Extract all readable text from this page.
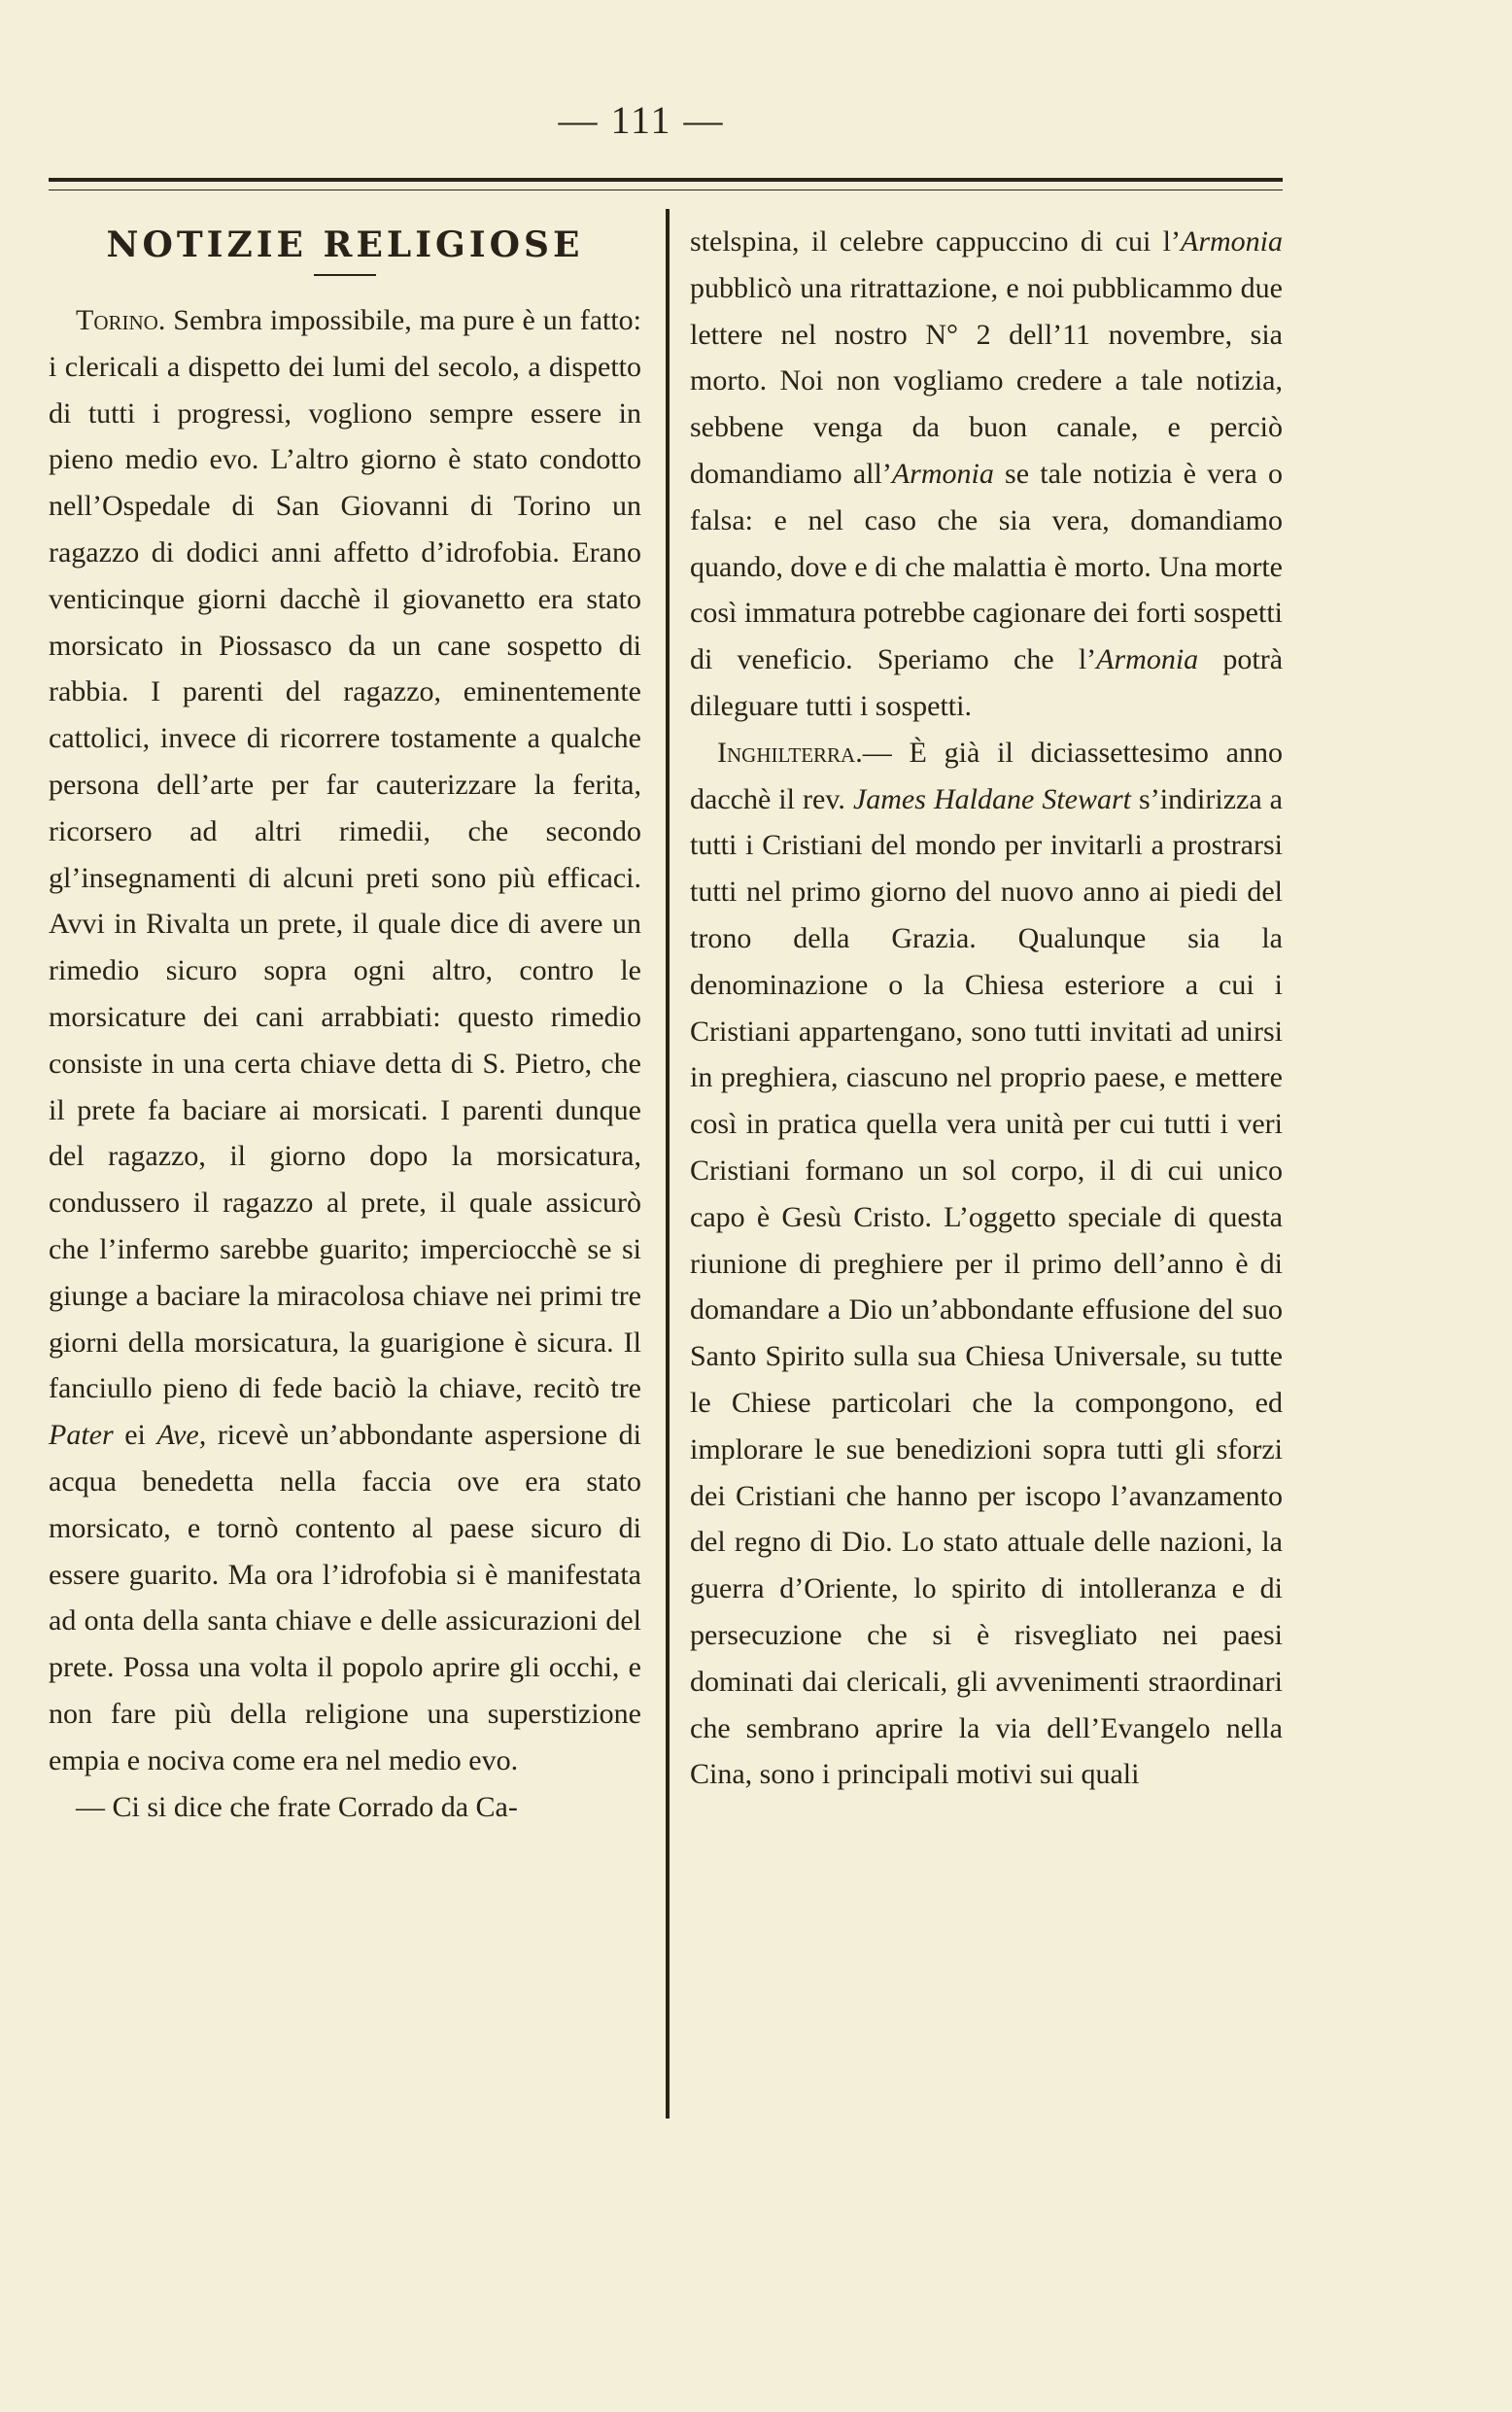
— 111 —
NOTIZIE RELIGIOSE

Torino. Sembra impossibile, ma pure è un fatto: i clericali a dispetto dei lumi del secolo, a dispetto di tutti i progressi, vogliono sempre essere in pieno medio evo. L’altro giorno è stato condotto nell’Ospedale di San Giovanni di Torino un ragazzo di dodici anni affetto d’idrofobia. Erano venticinque giorni dacchè il giovanetto era stato morsicato in Piossasco da un cane sospetto di rabbia. I parenti del ragazzo, eminentemente cattolici, invece di ricorrere tostamente a qualche persona dell’arte per far cauterizzare la ferita, ricorsero ad altri rimedii, che secondo gl’insegnamenti di alcuni preti sono più efficaci. Avvi in Rivalta un prete, il quale dice di avere un rimedio sicuro sopra ogni altro, contro le morsicature dei cani arrabbiati: questo rimedio consiste in una certa chiave detta di S. Pietro, che il prete fa baciare ai morsicati. I parenti dunque del ragazzo, il giorno dopo la morsicatura, condussero il ragazzo al prete, il quale assicurò che l’infermo sarebbe guarito; imperciocchè se si giunge a baciare la miracolosa chiave nei primi tre giorni della morsicatura, la guarigione è sicura. Il fanciullo pieno di fede baciò la chiave, recitò tre Pater ei Ave, ricevè un’abbondante aspersione di acqua benedetta nella faccia ove era stato morsicato, e tornò contento al paese sicuro di essere guarito. Ma ora l’idrofobia si è manifestata ad onta della santa chiave e delle assicurazioni del prete. Possa una volta il popolo aprire gli occhi, e non fare più della religione una superstizione empia e nociva come era nel medio evo.

— Ci si dice che frate Corrado da Ca-

stelspina, il celebre cappuccino di cui l’Armonia pubblicò una ritrattazione, e noi pubblicammo due lettere nel nostro N° 2 dell’11 novembre, sia morto. Noi non vogliamo credere a tale notizia, sebbene venga da buon canale, e perciò domandiamo all’Armonia se tale notizia è vera o falsa: e nel caso che sia vera, domandiamo quando, dove e di che malattia è morto. Una morte così immatura potrebbe cagionare dei forti sospetti di veneficio. Speriamo che l’Armonia potrà dileguare tutti i sospetti.

Inghilterra.— È già il diciassettesimo anno dacchè il rev. James Haldane Stewart s’indirizza a tutti i Cristiani del mondo per invitarli a prostrarsi tutti nel primo giorno del nuovo anno ai piedi del trono della Grazia. Qualunque sia la denominazione o la Chiesa esteriore a cui i Cristiani appartengano, sono tutti invitati ad unirsi in preghiera, ciascuno nel proprio paese, e mettere così in pratica quella vera unità per cui tutti i veri Cristiani formano un sol corpo, il di cui unico capo è Gesù Cristo. L’oggetto speciale di questa riunione di preghiere per il primo dell’anno è di domandare a Dio un’abbondante effusione del suo Santo Spirito sulla sua Chiesa Universale, su tutte le Chiese particolari che la compongono, ed implorare le sue benedizioni sopra tutti gli sforzi dei Cristiani che hanno per iscopo l’avanzamento del regno di Dio. Lo stato attuale delle nazioni, la guerra d’Oriente, lo spirito di intolleranza e di persecuzione che si è risvegliato nei paesi dominati dai clericali, gli avvenimenti straordinari che sembrano aprire la via dell’Evangelo nella Cina, sono i principali motivi sui quali
